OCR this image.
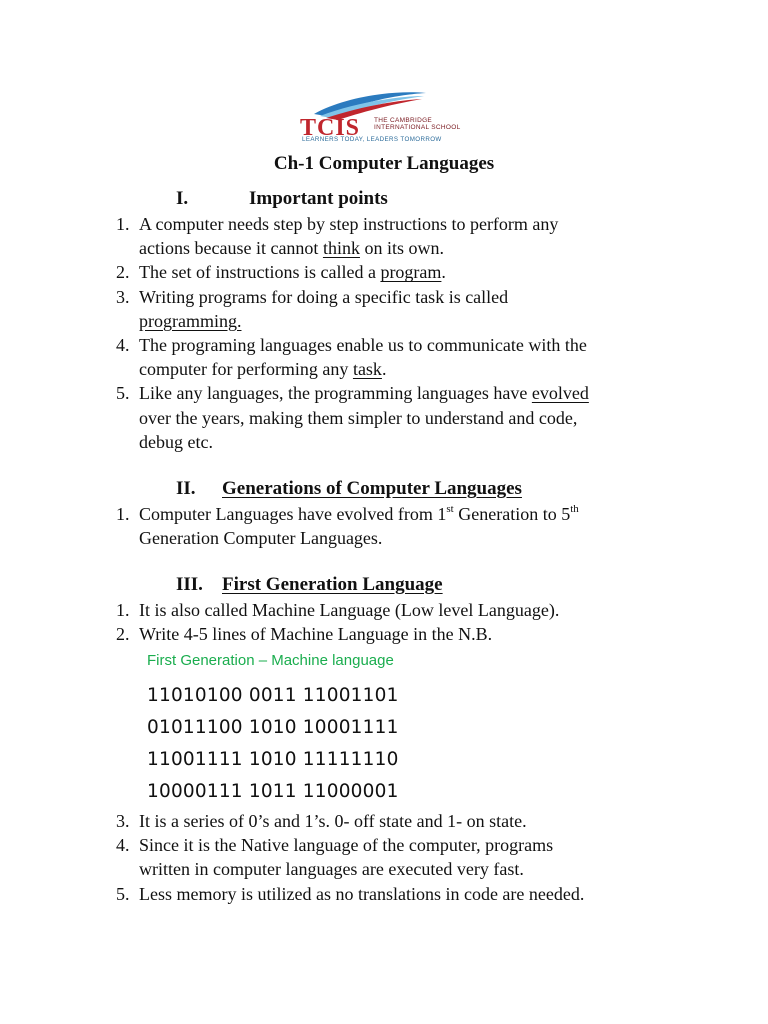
TCIS THE CAMBRIDGE
INTERNATIONAL SCHOOL
LEARNERS TODAY, LEADERS TOMORROW
Ch-1 Computer Languages
I.	Important points
1. A computer needs step by step instructions to perform any
actions because it cannot think on its own.
2. The set of instructions is called a program.
3. Writing programs for doing a specific task is called
programming.
4. The programing languages enable us to communicate with the
computer for performing any task.
5. Like any languages, the programming languages have evolved
over the years, making them simpler to understand and code,
debug etc.
II. Generations of Computer Languages
1. Computer Languages have evolved from 1st Generation to 5th
Generation Computer Languages.
III. First Generation Language
1. It is also called Machine Language (Low level Language).
2. Write 4-5 lines of Machine Language in the N.B.
First Generation – Machine language
11010100 0011 11001101
01011100 1010 10001111
11001111 1010 11111110
10000111 1011 11000001
3. It is a series of 0’s and 1’s. 0- off state and 1- on state.
4. Since it is the Native language of the computer, programs
written in computer languages are executed very fast.
5. Less memory is utilized as no translations in code are needed.
